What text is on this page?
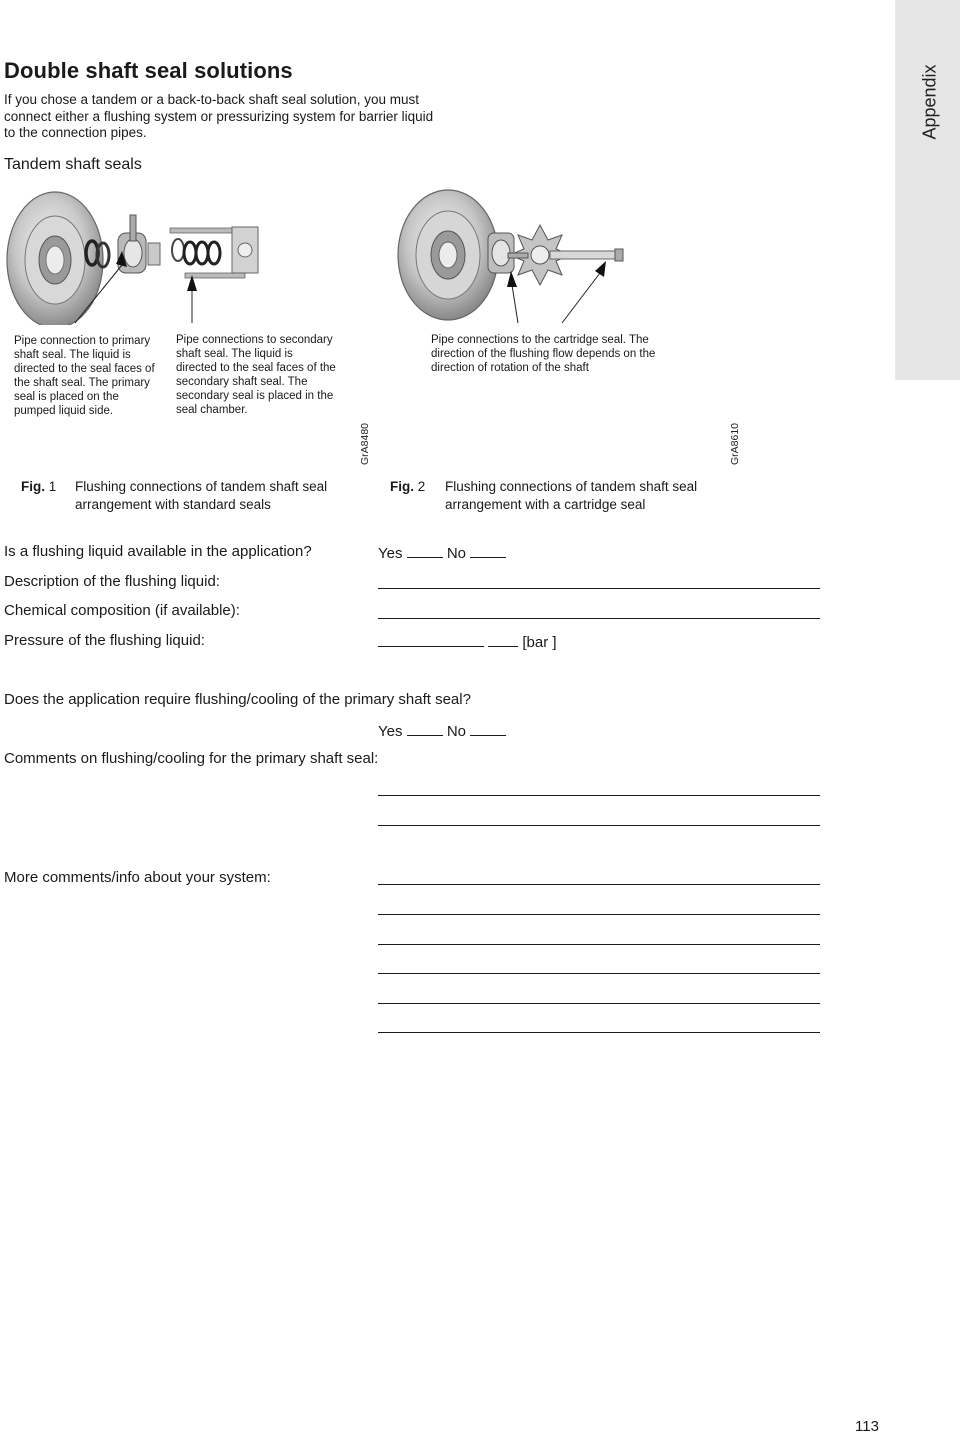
Appendix
Double shaft seal solutions

If you chose a tandem or a back-to-back shaft seal solution, you must connect either a flushing system or pressurizing system for barrier liquid to the connection pipes.

Tandem shaft seals

Pipe connection to primary shaft seal. The liquid is directed to the seal faces of the shaft seal. The primary seal is placed on the pumped liquid side.

Pipe connections to secondary shaft seal. The liquid is directed to the seal faces of the secondary shaft seal. The secondary seal is placed in the seal chamber.

GrA8480

Pipe connections to the cartridge seal. The direction of the flushing flow depends on the direction of rotation of the shaft

GrA8610
Fig. 1 Flushing connections of tandem shaft seal arrangement with standard seals
Fig. 2 Flushing connections of tandem shaft seal arrangement with a cartridge seal
Is a flushing liquid available in the application?	Yes	No
Description of the flushing liquid:
Chemical composition (if available):
Pressure of the flushing liquid:	[bar ]
Does the application require flushing/cooling of the primary shaft seal?
Yes	No
Comments on flushing/cooling for the primary shaft seal:
More comments/info about your system:
113
